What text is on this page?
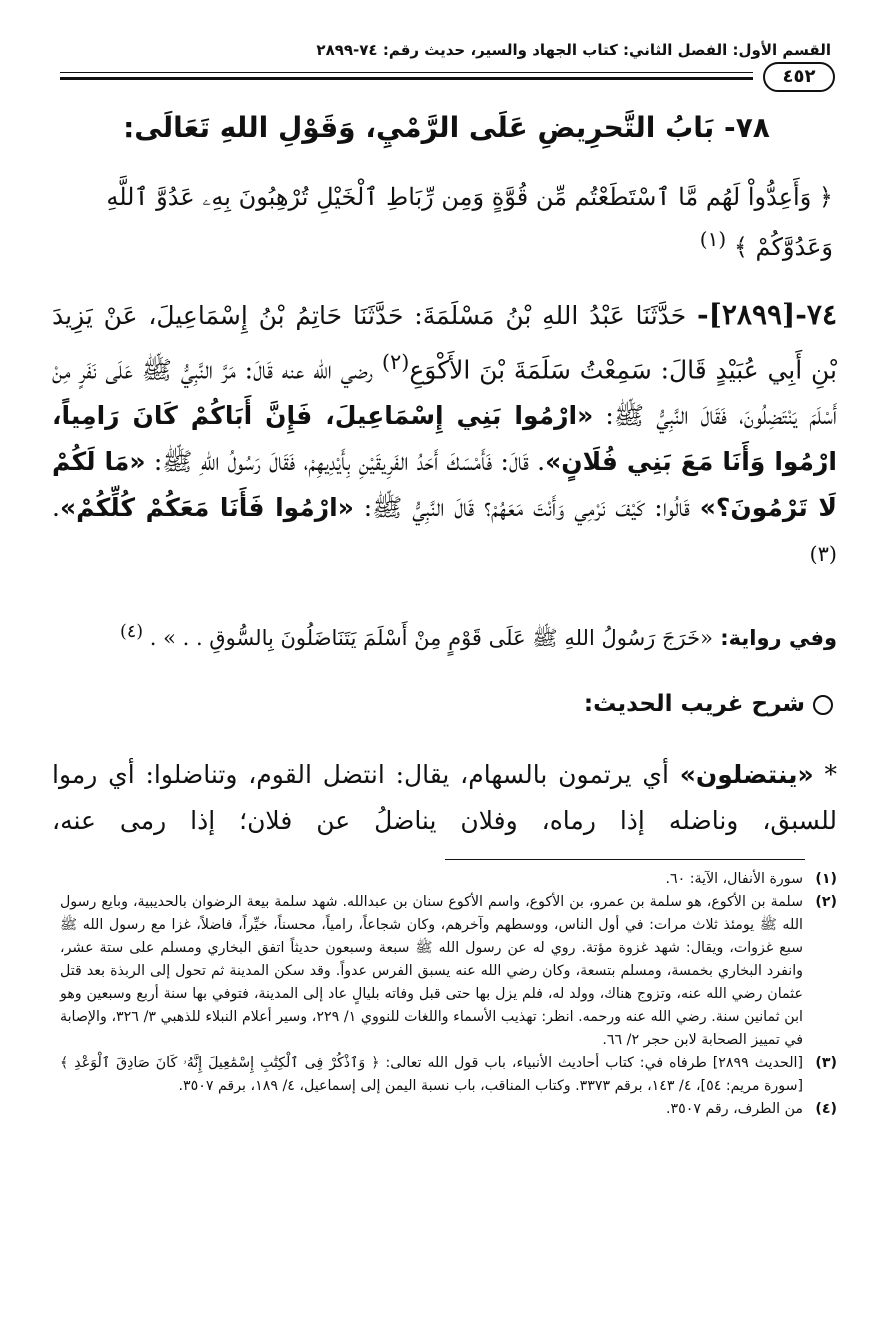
القسم الأول: الفصل الثاني: كتاب الجهاد والسير، حديث رقم: ٧٤-٢٨٩٩
٤٥٢
٧٨- بَابُ التَّحرِيضِ عَلَى الرَّمْيِ، وَقَوْلِ اللهِ تَعَالَى:
﴿ وَأَعِدُّواْ لَهُم مَّا ٱسْتَطَعْتُم مِّن قُوَّةٍ وَمِن رِّبَاطِ ٱلْخَيْلِ تُرْهِبُونَ بِهِۦ عَدُوَّ ٱللَّهِ وَعَدُوَّكُمْ ﴾ $^{(١)}$
٧٤-[٢٨٩٩]- حَدَّثَنَا عَبْدُ اللهِ بْنُ مَسْلَمَةَ: حَدَّثَنَا حَاتِمُ بْنُ إِسْمَاعِيلَ، عَنْ يَزِيدَ بْنِ أَبِي عُبَيْدٍ قَالَ: سَمِعْتُ سَلَمَةَ بْنَ الأَكْوَعِ$^{(٢)}$ رضي الله عنه قَالَ: مَرَّ النَّبِيُّ ﷺ عَلَى نَفَرٍ مِنْ أَسْلَمَ يَنْتَضِلُونَ، فَقَالَ النَّبِيُّ ﷺ: «ارْمُوا بَنِي إِسْمَاعِيلَ، فَإِنَّ أَبَاكُمْ كَانَ رَامِياً، ارْمُوا وَأَنَا مَعَ بَنِي فُلَانٍ». قَالَ: فَأَمْسَكَ أَحَدُ الفَرِيقَيْنِ بِأَيْدِيهِمْ، فَقَالَ رَسُولُ اللهِ ﷺ: «مَا لَكُمْ لَا تَرْمُونَ؟» قَالُوا: كَيْفَ نَرْمِي وَأَنْتَ مَعَهُمْ؟ قَالَ النَّبِيُّ ﷺ: «ارْمُوا فَأَنَا مَعَكُمْ كُلِّكُمْ». $^{(٣)}$
وفي رواية: «خَرَجَ رَسُولُ اللهِ ﷺ عَلَى قَوْمٍ مِنْ أَسْلَمَ يَتَنَاضَلُونَ بِالسُّوقِ . . » . $^{(٤)}$
شرح غريب الحديث:
* «ينتضلون» أي يرتمون بالسهام، يقال: انتضل القوم، وتناضلوا: أي رموا للسبق، وناضله إذا رماه، وفلان يناضلُ عن فلان؛ إذا رمى عنه،
(١)
سورة الأنفال، الآية: ٦٠.
(٢)
سلمة بن الأكوع، هو سلمة بن عمرو، بن الأكوع، واسم الأكوع سنان بن عبدالله. شهد سلمة بيعة الرضوان بالحديبية، وبايع رسول الله ﷺ يومئذ ثلاث مرات: في أول الناس، ووسطهم وآخرهم، وكان شجاعاً، رامياً، محسناً، خيِّراً، فاضلاً، غزا مع رسول الله ﷺ سبع غزوات، ويقال: شهد غزوة مؤتة. روي له عن رسول الله ﷺ سبعة وسبعون حديثاً اتفق البخاري ومسلم على ستة عشر، وانفرد البخاري بخمسة، ومسلم بتسعة، وكان رضي الله عنه يسبق الفرس عدواً. وقد سكن المدينة ثم تحول إلى الربذة بعد قتل عثمان رضي الله عنه، وتزوج هناك، وولد له، فلم يزل بها حتى قبل وفاته بليالٍ عاد إلى المدينة، فتوفي بها سنة أربع وسبعين وهو ابن ثمانين سنة. رضي الله عنه ورحمه. انظر: تهذيب الأسماء واللغات للنووي ١/ ٢٢٩، وسير أعلام النبلاء للذهبي ٣/ ٣٢٦، والإصابة في تمييز الصحابة لابن حجر ٢/ ٦٦.
(٣)
[الحديث ٢٨٩٩] طرفاه في: كتاب أحاديث الأنبياء، باب قول الله تعالى: ﴿ وَٱذْكُرْ فِى ٱلْكِتَٰبِ إِسْمَٰعِيلَ إِنَّهُۥ كَانَ صَادِقَ ٱلْوَعْدِ ﴾ [سورة مريم: ٥٤]، ٤/ ١٤٣، برقم ٣٣٧٣. وكتاب المناقب، باب نسبة اليمن إلى إسماعيل، ٤/ ١٨٩، برقم ٣٥٠٧.
(٤)
من الطرف، رقم ٣٥٠٧.
